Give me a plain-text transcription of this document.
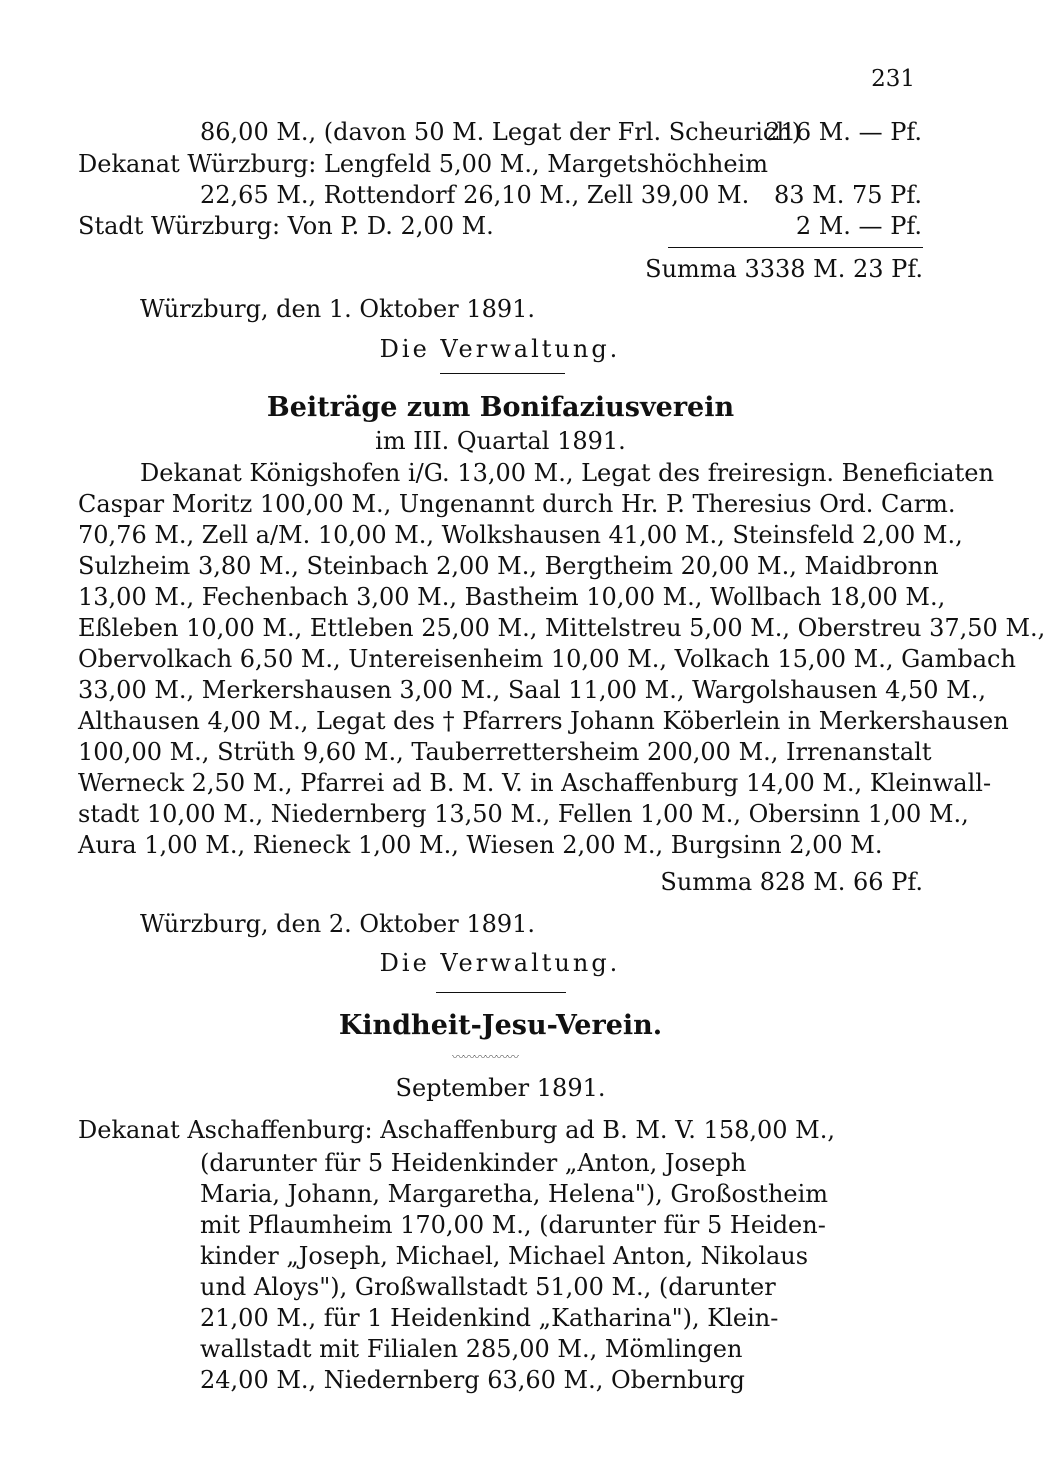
231
86,00 M., (davon 50 M. Legat der Frl. Scheurich)
216 M. — Pf.
Dekanat Würzburg: Lengfeld 5,00 M., Margetshöchheim
22,65 M., Rottendorf 26,10 M., Zell 39,00 M. 83 M. 75 Pf.
Stadt Würzburg: Von P. D. 2,00 M.	2 M. — Pf.
Summa 3338 M. 23 Pf.
Würzburg, den 1. Oktober 1891.
Die Verwaltung.
Beiträge zum Bonifaziusverein
im III. Quartal 1891.
Dekanat Königshofen i/G. 13,00 M., Legat des freiresign. Beneficiaten
Caspar Moritz 100,00 M., Ungenannt durch Hr. P. Theresius Ord. Carm.
70,76 M., Zell a/M. 10,00 M., Wolkshausen 41,00 M., Steinsfeld 2,00 M.,
Sulzheim 3,80 M., Steinbach 2,00 M., Bergtheim 20,00 M., Maidbronn
13,00 M., Fechenbach 3,00 M., Bastheim 10,00 M., Wollbach 18,00 M.,
Eßleben 10,00 M., Ettleben 25,00 M., Mittelstreu 5,00 M., Oberstreu 37,50 M.,
Obervolkach 6,50 M., Untereisenheim 10,00 M., Volkach 15,00 M., Gambach
33,00 M., Merkershausen 3,00 M., Saal 11,00 M., Wargolshausen 4,50 M.,
Althausen 4,00 M., Legat des † Pfarrers Johann Köberlein in Merkershausen
100,00 M., Strüth 9,60 M., Tauberrettersheim 200,00 M., Irrenanstalt
Werneck 2,50 M., Pfarrei ad B. M. V. in Aschaffenburg 14,00 M., Kleinwall-
stadt 10,00 M., Niedernberg 13,50 M., Fellen 1,00 M., Obersinn 1,00 M.,
Aura 1,00 M., Rieneck 1,00 M., Wiesen 2,00 M., Burgsinn 2,00 M.
Summa 828 M. 66 Pf.
Würzburg, den 2. Oktober 1891.
Die Verwaltung.
Kindheit-Jesu-Verein.
〰〰〰〰〰〰
September 1891.
Dekanat Aschaffenburg: Aschaffenburg ad B. M. V. 158,00 M.,
(darunter für 5 Heidenkinder „Anton, Joseph
Maria, Johann, Margaretha, Helena"), Großostheim
mit Pflaumheim 170,00 M., (darunter für 5 Heiden-
kinder „Joseph, Michael, Michael Anton, Nikolaus
und Aloys"), Großwallstadt 51,00 M., (darunter
21,00 M., für 1 Heidenkind „Katharina"), Klein-
wallstadt mit Filialen 285,00 M., Mömlingen
24,00 M., Niedernberg 63,60 M., Obernburg
